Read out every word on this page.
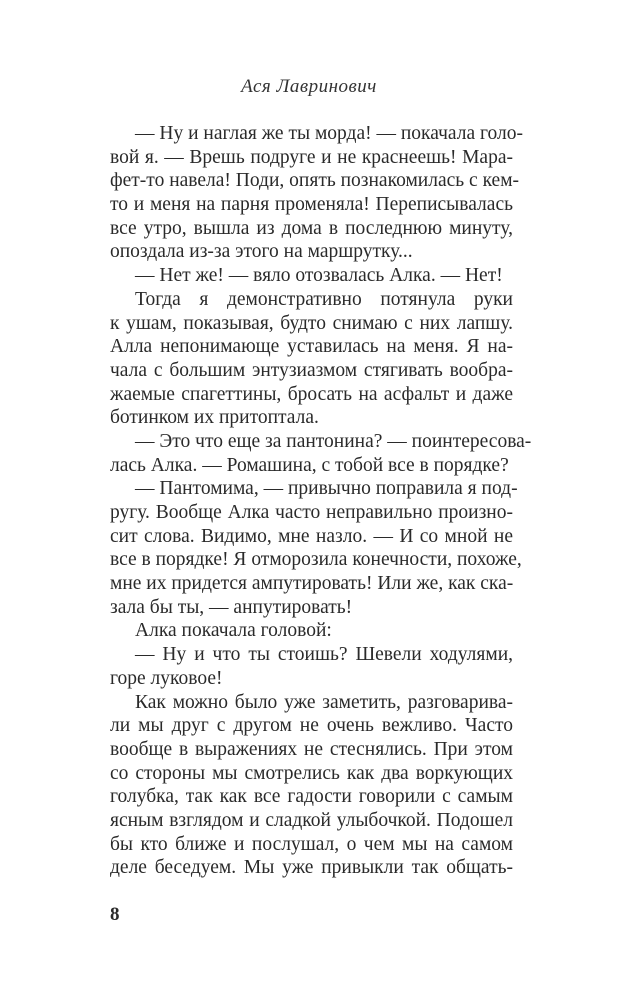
Ася Лавринович
— Ну и наглая же ты морда! — покачала голо-
вой я. — Врешь подруге и не краснеешь! Мара-
фет-то навела! Поди, опять познакомилась с кем-
то и меня на парня променяла! Переписывалась
все утро, вышла из дома в последнюю минуту,
опоздала из-за этого на маршрутку...
— Нет же! — вяло отозвалась Алка. — Нет!
Тогда я демонстративно потянула руки
к ушам, показывая, будто снимаю с них лапшу.
Алла непонимающе уставилась на меня. Я на-
чала с большим энтузиазмом стягивать вообра-
жаемые спагеттины, бросать на асфальт и даже
ботинком их притоптала.
— Это что еще за пантонина? — поинтересова-
лась Алка. — Ромашина, с тобой все в порядке?
— Пантомима, — привычно поправила я под-
ругу. Вообще Алка часто неправильно произно-
сит слова. Видимо, мне назло. — И со мной не
все в порядке! Я отморозила конечности, похоже,
мне их придется ампутировать! Или же, как ска-
зала бы ты, — анпутировать!
Алка покачала головой:
— Ну и что ты стоишь? Шевели ходулями,
горе луковое!
Как можно было уже заметить, разговарива-
ли мы друг с другом не очень вежливо. Часто
вообще в выражениях не стеснялись. При этом
со стороны мы смотрелись как два воркующих
голубка, так как все гадости говорили с самым
ясным взглядом и сладкой улыбочкой. Подошел
бы кто ближе и послушал, о чем мы на самом
деле беседуем. Мы уже привыкли так общать-
8
